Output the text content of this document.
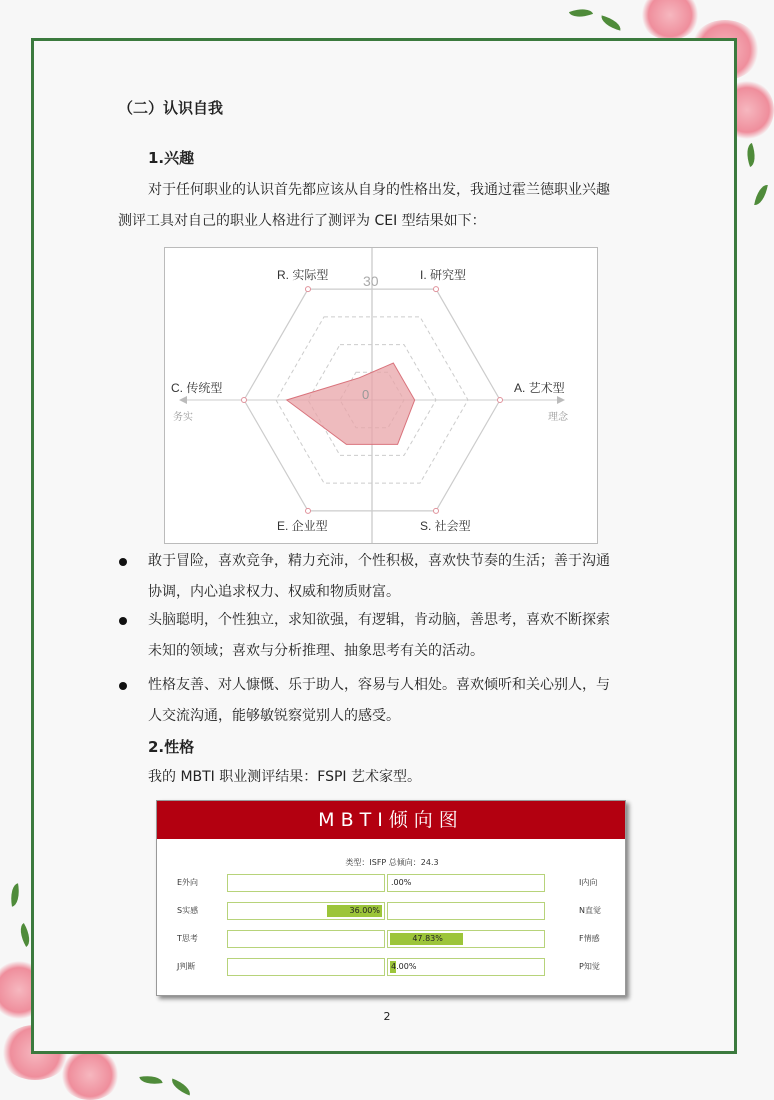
（二）认识自我
1.兴趣
对于任何职业的认识首先都应该从自身的性格出发，我通过霍兰德职业兴趣
测评工具对自己的职业人格进行了测评为 CEI 型结果如下：
30
0
务实	理念
R. 实际型	I. 研究型
A. 艺术型
S. 社会型
E. 企业型
C. 传统型
敢于冒险，喜欢竞争，精力充沛，个性积极，喜欢快节奏的生活；善于沟通
协调，内心追求权力、权威和物质财富。
头脑聪明，个性独立，求知欲强，有逻辑，肯动脑，善思考，喜欢不断探索
未知的领域；喜欢与分析推理、抽象思考有关的活动。
性格友善、对人慷慨、乐于助人，容易与人相处。喜欢倾听和关心别人，与
人交流沟通，能够敏锐察觉别人的感受。
2.性格
我的 MBTI 职业测评结果：FSPI 艺术家型。
MBTI倾向图
类型：ISFP 总倾向：24.3
E外向	I内向
.00%
S实感	N直觉
36.00%
T思考	F情感
47.83%
J判断	P知觉
4.00%
2
